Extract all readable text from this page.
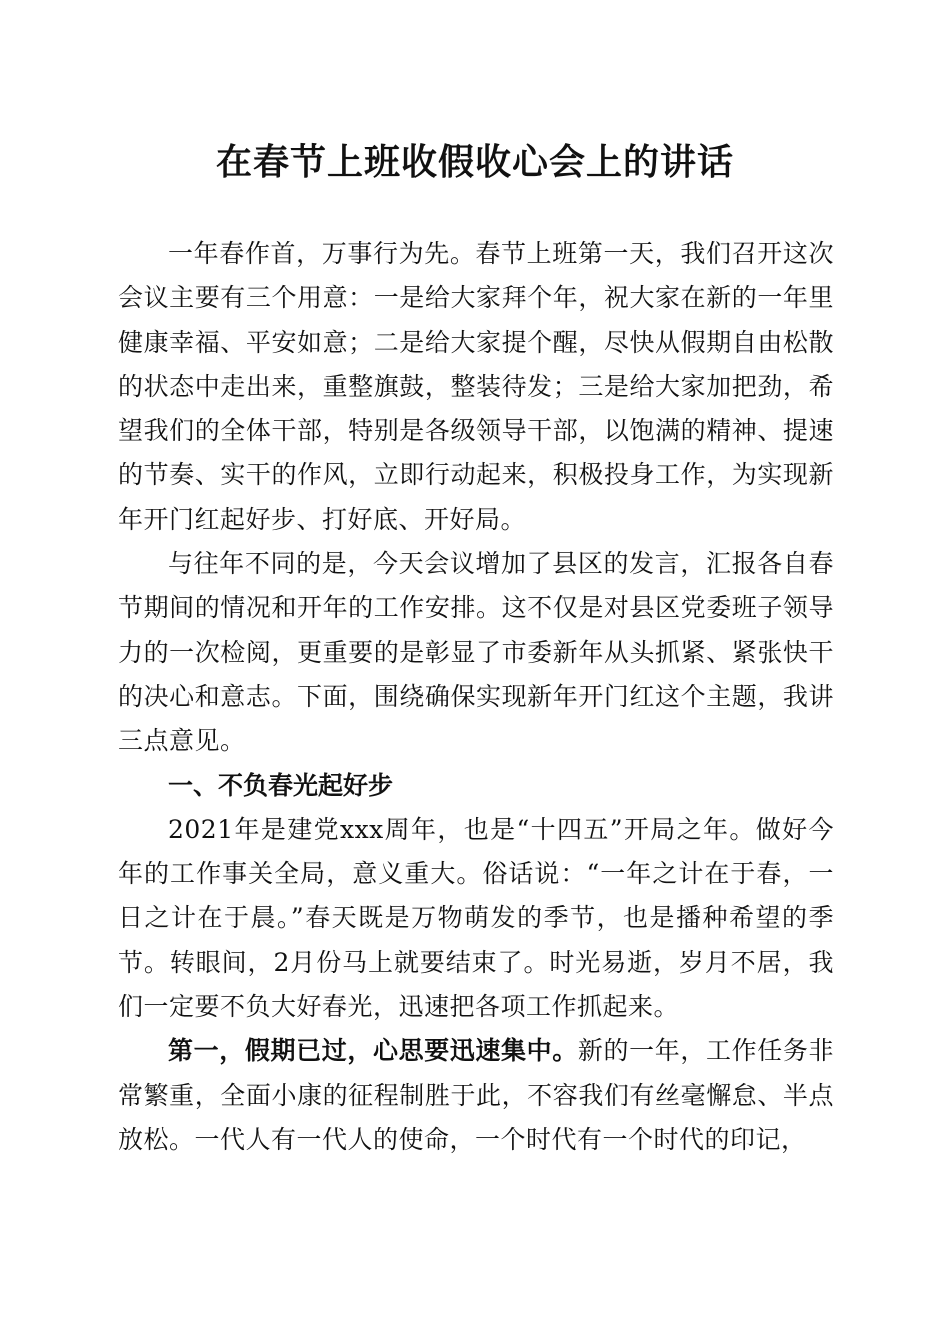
在春节上班收假收心会上的讲话

一年春作首，万事行为先。春节上班第一天，我们召开这次会议主要有三个用意：一是给大家拜个年，祝大家在新的一年里健康幸福、平安如意；二是给大家提个醒，尽快从假期自由松散的状态中走出来，重整旗鼓，整装待发；三是给大家加把劲，希望我们的全体干部，特别是各级领导干部，以饱满的精神、提速的节奏、实干的作风，立即行动起来，积极投身工作，为实现新年开门红起好步、打好底、开好局。

与往年不同的是，今天会议增加了县区的发言，汇报各自春节期间的情况和开年的工作安排。这不仅是对县区党委班子领导力的一次检阅，更重要的是彰显了市委新年从头抓紧、紧张快干的决心和意志。下面，围绕确保实现新年开门红这个主题，我讲三点意见。

一、不负春光起好步

2021年是建党xxx周年，也是“十四五”开局之年。做好今年的工作事关全局，意义重大。俗话说：“一年之计在于春，一日之计在于晨。”春天既是万物萌发的季节，也是播种希望的季节。转眼间，2月份马上就要结束了。时光易逝，岁月不居，我们一定要不负大好春光，迅速把各项工作抓起来。

第一，假期已过，心思要迅速集中。新的一年，工作任务非常繁重，全面小康的征程制胜于此，不容我们有丝毫懈怠、半点放松。一代人有一代人的使命，一个时代有一个时代的印记，
